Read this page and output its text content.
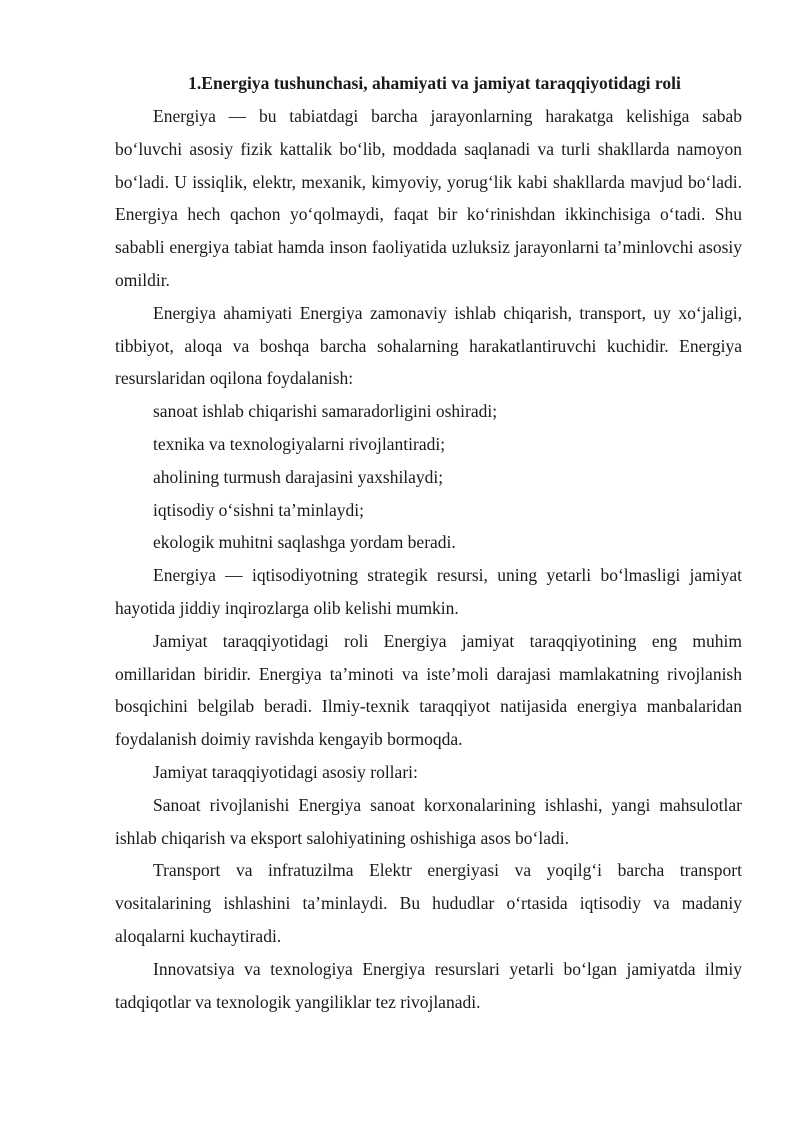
1.Energiya tushunchasi, ahamiyati va jamiyat taraqqiyotidagi roli

Energiya — bu tabiatdagi barcha jarayonlarning harakatga kelishiga sabab bo‘luvchi asosiy fizik kattalik bo‘lib, moddada saqlanadi va turli shakllarda namoyon bo‘ladi. U issiqlik, elektr, mexanik, kimyoviy, yorug‘lik kabi shakllarda mavjud bo‘ladi. Energiya hech qachon yo‘qolmaydi, faqat bir ko‘rinishdan ikkinchisiga o‘tadi. Shu sababli energiya tabiat hamda inson faoliyatida uzluksiz jarayonlarni ta’minlovchi asosiy omildir.

Energiya ahamiyati Energiya zamonaviy ishlab chiqarish, transport, uy xo‘jaligi, tibbiyot, aloqa va boshqa barcha sohalarning harakatlantiruvchi kuchidir. Energiya resurslaridan oqilona foydalanish:

sanoat ishlab chiqarishi samaradorligini oshiradi;

texnika va texnologiyalarni rivojlantiradi;

aholining turmush darajasini yaxshilaydi;

iqtisodiy o‘sishni ta’minlaydi;

ekologik muhitni saqlashga yordam beradi.

Energiya — iqtisodiyotning strategik resursi, uning yetarli bo‘lmasligi jamiyat hayotida jiddiy inqirozlarga olib kelishi mumkin.

Jamiyat taraqqiyotidagi roli Energiya jamiyat taraqqiyotining eng muhim omillaridan biridir. Energiya ta’minoti va iste’moli darajasi mamlakatning rivojlanish bosqichini belgilab beradi. Ilmiy-texnik taraqqiyot natijasida energiya manbalaridan foydalanish doimiy ravishda kengayib bormoqda.

Jamiyat taraqqiyotidagi asosiy rollari:

Sanoat rivojlanishi Energiya sanoat korxonalarining ishlashi, yangi mahsulotlar ishlab chiqarish va eksport salohiyatining oshishiga asos bo‘ladi.

Transport va infratuzilma Elektr energiyasi va yoqilg‘i barcha transport vositalarining ishlashini ta’minlaydi. Bu hududlar o‘rtasida iqtisodiy va madaniy aloqalarni kuchaytiradi.

Innovatsiya va texnologiya Energiya resurslari yetarli bo‘lgan jamiyatda ilmiy tadqiqotlar va texnologik yangiliklar tez rivojlanadi.
